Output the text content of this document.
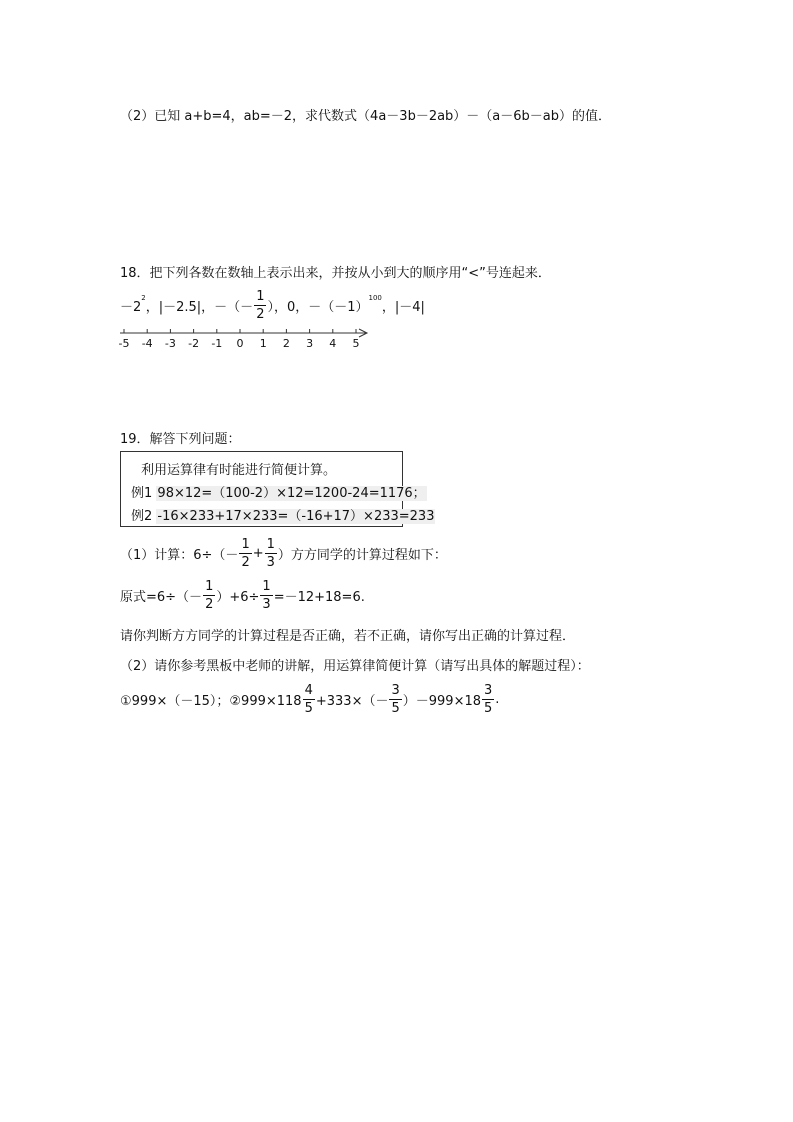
（2）已知 a+b=4，ab=－2，求代数式（4a－3b－2ab）－（a－6b－ab）的值．
18．把下列各数在数轴上表示出来，并按从小到大的顺序用“<”号连起来．
－2
$^2$
，|－2.5|，－（－ $\frac{1}{2}$ ），0，－（－1）
$^{100}$
，|－4|
-5 -4 -3 -2 -1 0 1 2 3 4 5
19．解答下列问题：
利用运算律有时能进行简便计算。
例1 98×12=（100-2）×12=1200-24=1176；
例2 -16×233+17×233=（-16+17）×233=233
（1）计算：$6\div(- \frac{1}{2} + \frac{1}{3}$ ）方方同学的计算过程如下：
原式$=6\div(- \frac{1}{2} )+6\div \frac{1}{3} =-12+18=6$.
请你判断方方同学的计算过程是否正确，若不正确，请你写出正确的计算过程．
（2）请你参考黑板中老师的讲解，用运算律简便计算（请写出具体的解题过程）：
①999×（－15）；②999×118 $\frac{4}{5} +333\times(- \frac{3}{5} )-999\times 18 \frac{3}{5}$ .
